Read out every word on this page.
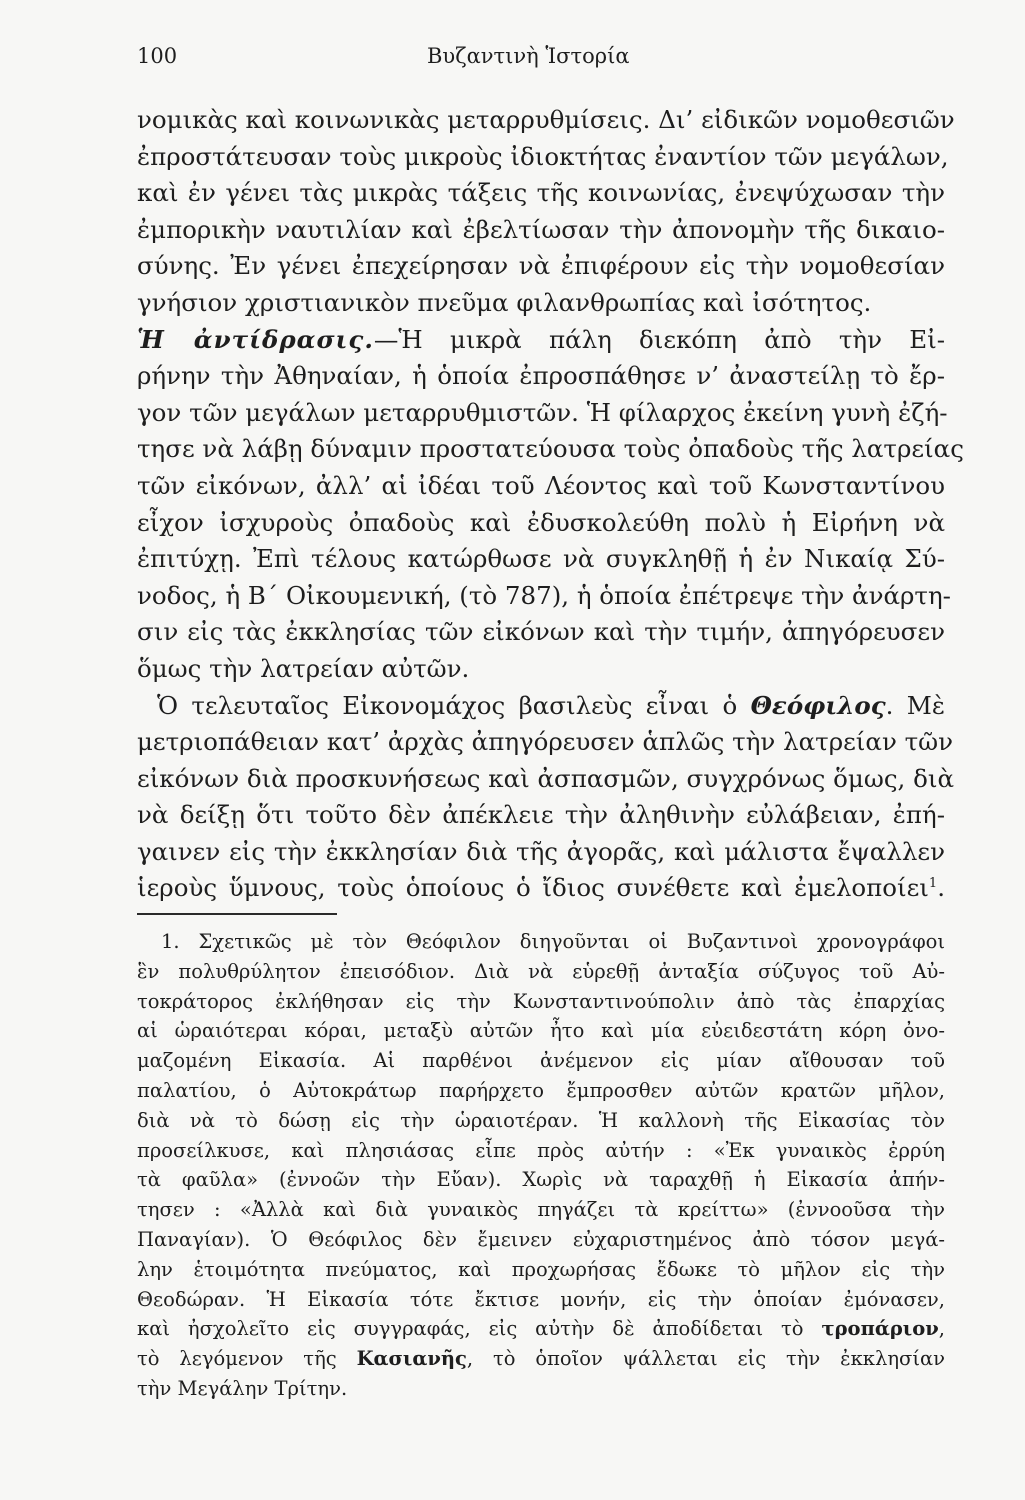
100	Βυζαντινὴ Ἱστορία
νομικὰς καὶ κοινωνικὰς μεταρρυθμίσεις. Δι’ εἰδικῶν νομοθεσιῶν
ἐπροστάτευσαν τοὺς μικροὺς ἰδιοκτήτας ἐναντίον τῶν μεγάλων,
καὶ ἐν γένει τὰς μικρὰς τάξεις τῆς κοινωνίας, ἐνεψύχωσαν τὴν
ἐμπορικὴν ναυτιλίαν καὶ ἐβελτίωσαν τὴν ἀπονομὴν τῆς δικαιο-
σύνης. Ἐν γένει ἐπεχείρησαν νὰ ἐπιφέρουν εἰς τὴν νομοθεσίαν
γνήσιον χριστιανικὸν πνεῦμα φιλανθρωπίας καὶ ἰσότητος.
Ἡ ἀντίδρασις.—Ἡ μικρὰ πάλη διεκόπη ἀπὸ τὴν Εἰ-
ρήνην τὴν Ἀθηναίαν, ἡ ὁποία ἐπροσπάθησε ν’ ἀναστείλῃ τὸ ἔρ-
γον τῶν μεγάλων μεταρρυθμιστῶν. Ἡ φίλαρχος ἐκείνη γυνὴ ἐζή-
τησε νὰ λάβῃ δύναμιν προστατεύουσα τοὺς ὀπαδοὺς τῆς λατρείας
τῶν εἰκόνων, ἀλλ’ αἱ ἰδέαι τοῦ Λέοντος καὶ τοῦ Κωνσταντίνου
εἶχον ἰσχυροὺς ὀπαδοὺς καὶ ἐδυσκολεύθη πολὺ ἡ Εἰρήνη νὰ
ἐπιτύχῃ. Ἐπὶ τέλους κατώρθωσε νὰ συγκληθῇ ἡ ἐν Νικαίᾳ Σύ-
νοδος, ἡ Β΄ Οἰκουμενική, (τὸ 787), ἡ ὁποία ἐπέτρεψε τὴν ἀνάρτη-
σιν εἰς τὰς ἐκκλησίας τῶν εἰκόνων καὶ τὴν τιμήν, ἀπηγόρευσεν
ὅμως τὴν λατρείαν αὐτῶν.
Ὁ τελευταῖος Εἰκονομάχος βασιλεὺς εἶναι ὁ Θεόφιλος. Μὲ
μετριοπάθειαν κατ’ ἀρχὰς ἀπηγόρευσεν ἁπλῶς τὴν λατρείαν τῶν
εἰκόνων διὰ προσκυνήσεως καὶ ἀσπασμῶν, συγχρόνως ὅμως, διὰ
νὰ δείξῃ ὅτι τοῦτο δὲν ἀπέκλειε τὴν ἀληθινὴν εὐλάβειαν, ἐπή-
γαινεν εἰς τὴν ἐκκλησίαν διὰ τῆς ἀγορᾶς, καὶ μάλιστα ἔψαλλεν
ἱεροὺς ὕμνους, τοὺς ὁποίους ὁ ἴδιος συνέθετε καὶ ἐμελοποίει$^1$.
1. Σχετικῶς μὲ τὸν Θεόφιλον διηγοῦνται οἱ Βυζαντινοὶ χρονογράφοι
ἓν πολυθρύλητον ἐπεισόδιον. Διὰ νὰ εὑρεθῇ ἀνταξία σύζυγος τοῦ Αὐ-
τοκράτορος ἐκλήθησαν εἰς τὴν Κωνσταντινούπολιν ἀπὸ τὰς ἐπαρχίας
αἱ ὡραιότεραι κόραι, μεταξὺ αὐτῶν ἦτο καὶ μία εὐειδεστάτη κόρη ὀνο-
μαζομένη Εἰκασία. Αἱ παρθένοι ἀνέμενον εἰς μίαν αἴθουσαν τοῦ
παλατίου, ὁ Αὐτοκράτωρ παρήρχετο ἔμπροσθεν αὐτῶν κρατῶν μῆλον,
διὰ νὰ τὸ δώσῃ εἰς τὴν ὡραιοτέραν. Ἡ καλλονὴ τῆς Εἰκασίας τὸν
προσείλκυσε, καὶ πλησιάσας εἶπε πρὸς αὐτήν : «Ἐκ γυναικὸς ἐρρύη
τὰ φαῦλα» (ἐννοῶν τὴν Εὔαν). Χωρὶς νὰ ταραχθῇ ἡ Εἰκασία ἀπήν-
τησεν : «Ἀλλὰ καὶ διὰ γυναικὸς πηγάζει τὰ κρείττω» (ἐννοοῦσα τὴν
Παναγίαν). Ὁ Θεόφιλος δὲν ἔμεινεν εὐχαριστημένος ἀπὸ τόσον μεγά-
λην ἑτοιμότητα πνεύματος, καὶ προχωρήσας ἔδωκε τὸ μῆλον εἰς τὴν
Θεοδώραν. Ἡ Εἰκασία τότε ἔκτισε μονήν, εἰς τὴν ὁποίαν ἐμόνασεν,
καὶ ἠσχολεῖτο εἰς συγγραφάς, εἰς αὐτὴν δὲ ἀποδίδεται τὸ τροπάριον,
τὸ λεγόμενον τῆς Κασιανῆς, τὸ ὁποῖον ψάλλεται εἰς τὴν ἐκκλησίαν
τὴν Μεγάλην Τρίτην.
